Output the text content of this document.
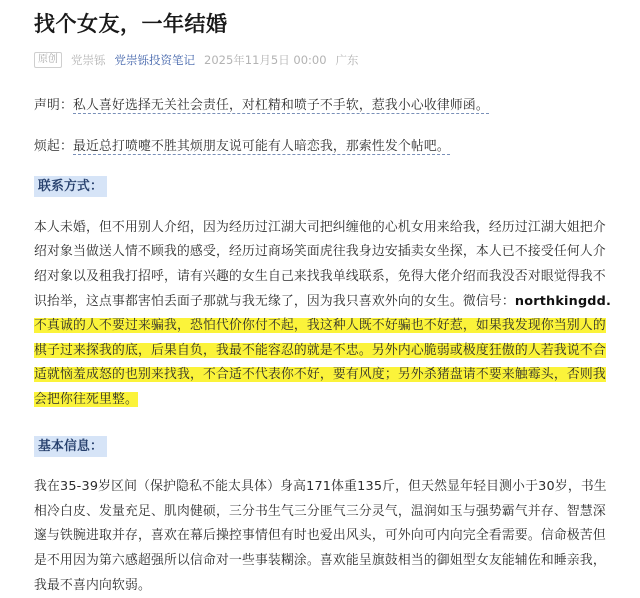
找个女友，一年结婚
原创	党崇铄 党崇铄投资笔记 2025年11月5日 00:00 广东

声明：私人喜好选择无关社会责任，对杠精和喷子不手软，惹我小心收律师函。

烦起：最近总打喷嚏不胜其烦朋友说可能有人暗恋我，那索性发个帖吧。

联系方式：

本人未婚，但不用别人介绍，因为经历过江湖大司把纠缠他的心机女用来给我，经历过江湖大姐把介绍对象当做送人情不顾我的感受，经历过商场笑面虎往我身边安插卖女坐探，本人已不接受任何人介绍对象以及租我打招呼，请有兴趣的女生自己来找我单线联系，免得大佬介绍而我没否对眼觉得我不识抬举，这点事都害怕丢面子那就与我无缘了，因为我只喜欢外向的女生。微信号：northkingdd. 不真诚的人不要过来骗我，恐怕代价你付不起，我这种人既不好骗也不好惹，如果我发现你当别人的棋子过来探我的底，后果自负，我最不能容忍的就是不忠。另外内心脆弱或极度狂傲的人若我说不合适就恼羞成怒的也别来找我，不合适不代表你不好，要有风度；另外杀猪盘请不要来触霉头，否则我会把你往死里整。

基本信息：

我在35-39岁区间（保护隐私不能太具体）身高171体重135斤，但天然显年轻目测小于30岁，书生相冷白皮、发量充足、肌肉健硕，三分书生气三分匪气三分灵气，温润如玉与强势霸气并存、智慧深邃与铁腕进取并存，喜欢在幕后操控事情但有时也爱出风头，可外向可内向完全看需要。信命极苦但是不用因为第六感超强所以信命对一些事装糊涂。喜欢能呈旗鼓相当的御姐型女友能辅佐和睡亲我，我最不喜内向软弱。
